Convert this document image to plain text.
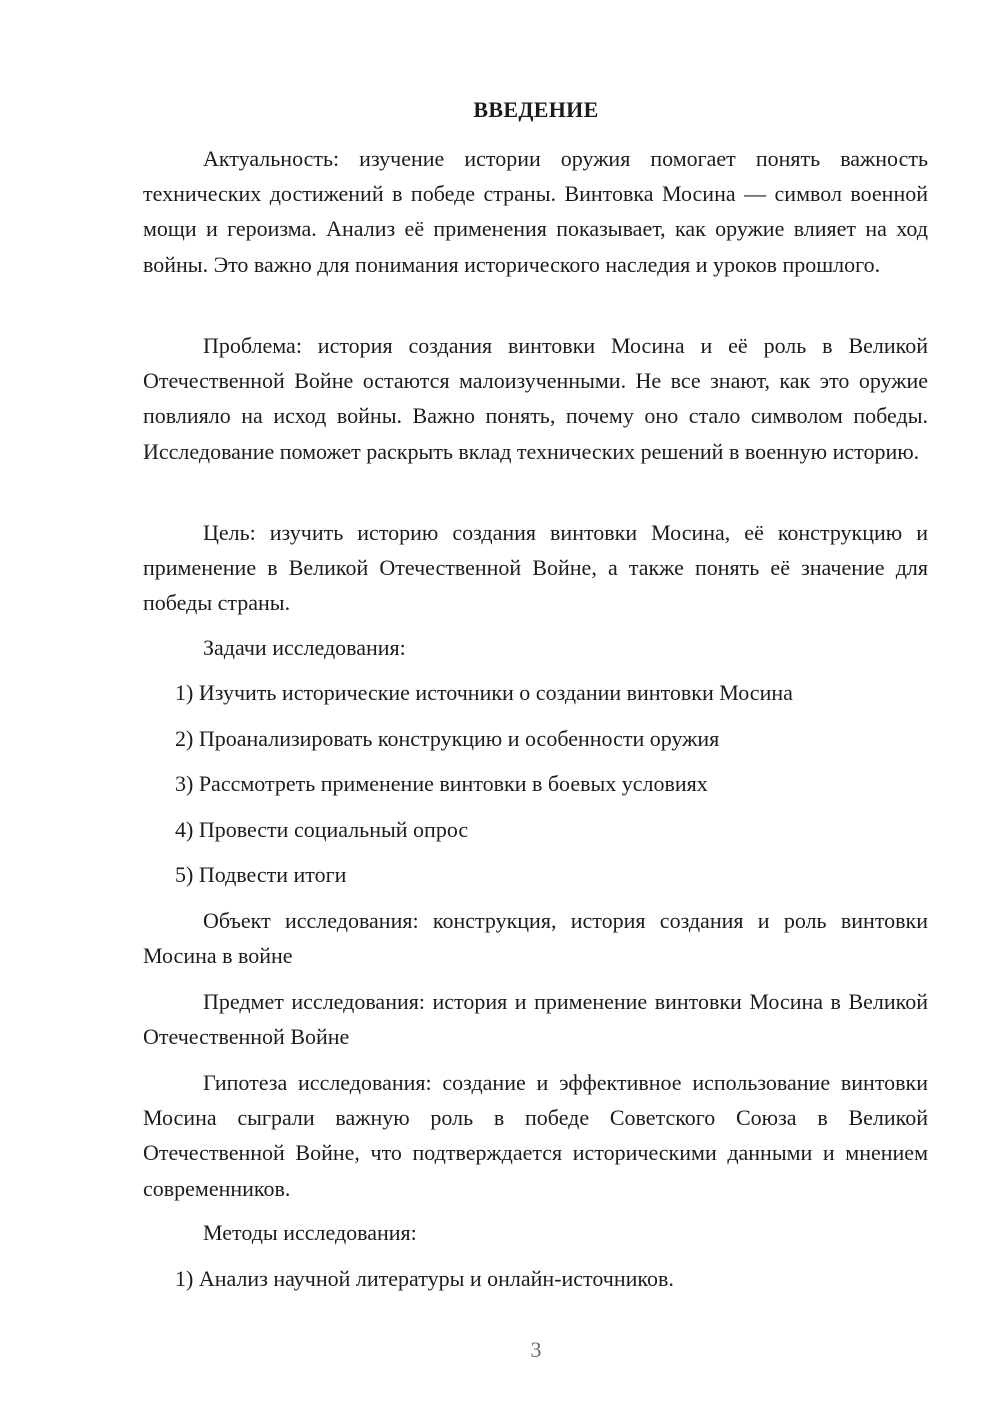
ВВЕДЕНИЕ

Актуальность: изучение истории оружия помогает понять важность технических достижений в победе страны. Винтовка Мосина — символ военной мощи и героизма. Анализ её применения показывает, как оружие влияет на ход войны. Это важно для понимания исторического наследия и уроков прошлого.

Проблема: история создания винтовки Мосина и её роль в Великой Отечественной Войне остаются малоизученными. Не все знают, как это оружие повлияло на исход войны. Важно понять, почему оно стало символом победы. Исследование поможет раскрыть вклад технических решений в военную историю.

Цель: изучить историю создания винтовки Мосина, её конструкцию и применение в Великой Отечественной Войне, а также понять её значение для победы страны.

Задачи исследования:
1) Изучить исторические источники о создании винтовки Мосина
2) Проанализировать конструкцию и особенности оружия
3) Рассмотреть применение винтовки в боевых условиях
4) Провести социальный опрос
5) Подвести итоги

Объект исследования: конструкция, история создания и роль винтовки Мосина в войне

Предмет исследования: история и применение винтовки Мосина в Великой Отечественной Войне

Гипотеза исследования: создание и эффективное использование винтовки Мосина сыграли важную роль в победе Советского Союза в Великой Отечественной Войне, что подтверждается историческими данными и мнением современников.

Методы исследования:
1) Анализ научной литературы и онлайн-источников.
3
